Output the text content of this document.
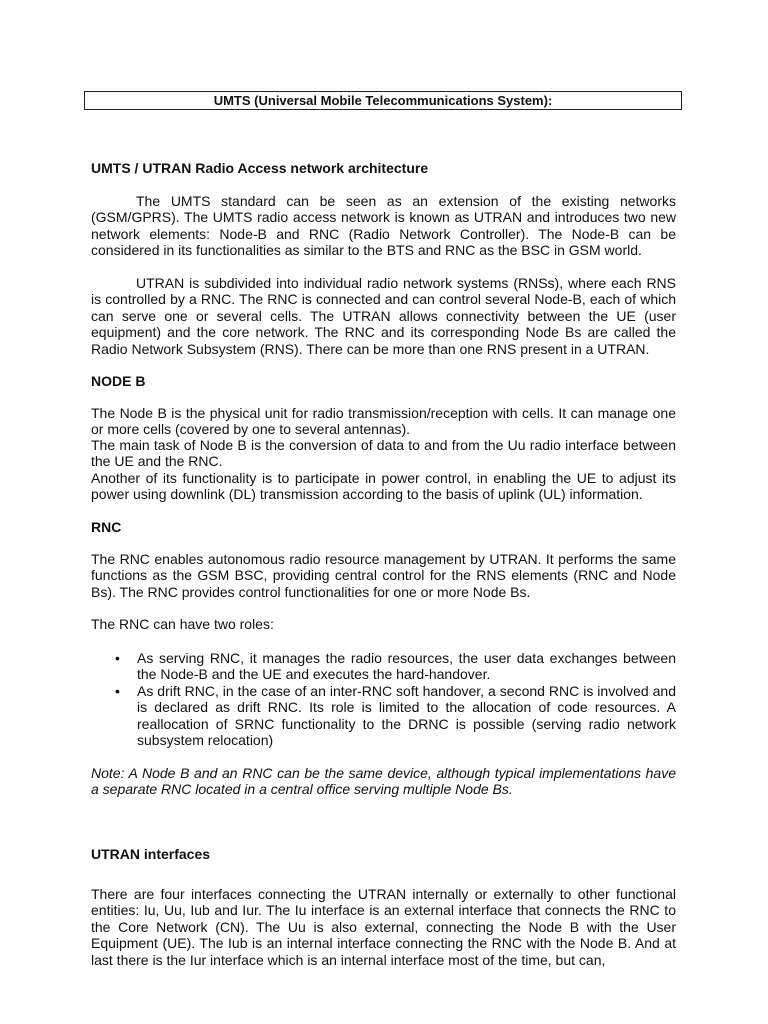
UMTS (Universal Mobile Telecommunications System):
UMTS / UTRAN Radio Access network architecture
The UMTS standard can be seen as an extension of the existing networks (GSM/GPRS). The UMTS radio access network is known as UTRAN and introduces two new network elements: Node-B and RNC (Radio Network Controller). The Node-B can be considered in its functionalities as similar to the BTS and RNC as the BSC in GSM world.
UTRAN is subdivided into individual radio network systems (RNSs), where each RNS is controlled by a RNC. The RNC is connected and can control several Node-B, each of which can serve one or several cells. The UTRAN allows connectivity between the UE (user equipment) and the core network. The RNC and its corresponding Node Bs are called the Radio Network Subsystem (RNS). There can be more than one RNS present in a UTRAN.
NODE B
The Node B is the physical unit for radio transmission/reception with cells. It can manage one or more cells (covered by one to several antennas).
The main task of Node B is the conversion of data to and from the Uu radio interface between the UE and the RNC.
Another of its functionality is to participate in power control, in enabling the UE to adjust its power using downlink (DL) transmission according to the basis of uplink (UL) information.
RNC
The RNC enables autonomous radio resource management by UTRAN. It performs the same functions as the GSM BSC, providing central control for the RNS elements (RNC and Node Bs). The RNC provides control functionalities for one or more Node Bs.
The RNC can have two roles:
• As serving RNC, it manages the radio resources, the user data exchanges between the Node-B and the UE and executes the hard-handover.
• As drift RNC, in the case of an inter-RNC soft handover, a second RNC is involved and is declared as drift RNC. Its role is limited to the allocation of code resources. A reallocation of SRNC functionality to the DRNC is possible (serving radio network subsystem relocation)
Note: A Node B and an RNC can be the same device, although typical implementations have a separate RNC located in a central office serving multiple Node Bs.
UTRAN interfaces
There are four interfaces connecting the UTRAN internally or externally to other functional entities: Iu, Uu, Iub and Iur. The Iu interface is an external interface that connects the RNC to the Core Network (CN). The Uu is also external, connecting the Node B with the User Equipment (UE). The Iub is an internal interface connecting the RNC with the Node B. And at last there is the Iur interface which is an internal interface most of the time, but can,
